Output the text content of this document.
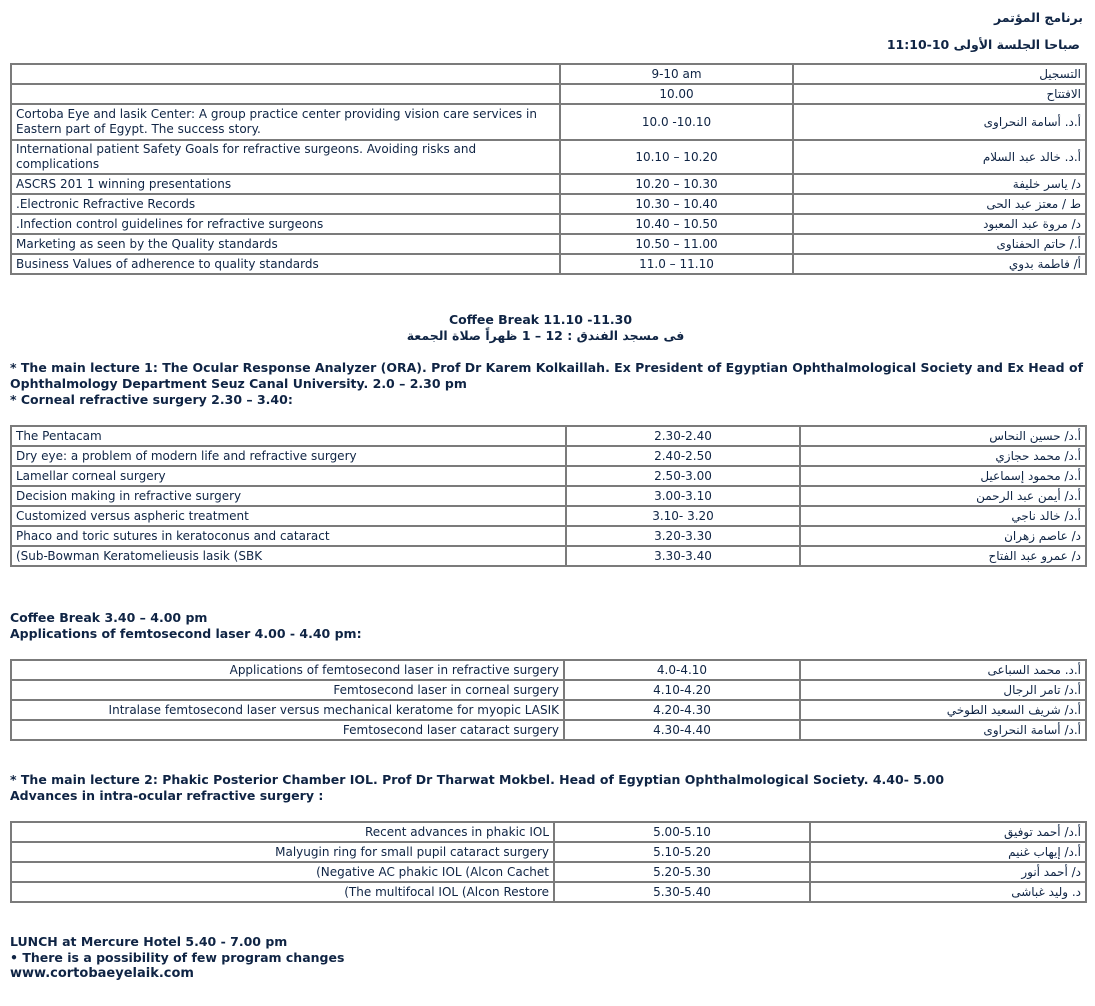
برنامج المؤتمر
صباحا الجلسة الأولى 10-11:10
	9-10 am	التسجيل
	10.00	الافتتاح
Cortoba Eye and lasik Center: A group practice center providing vision care services in Eastern part of Egypt. The success story.	10.0 -10.10	أ.د. أسامة النحراوى
International patient Safety Goals for refractive surgeons. Avoiding risks and complications	10.10 – 10.20	أ.د. خالد عبد السلام
ASCRS 201 1 winning presentations	10.20 – 10.30	د/ ياسر خليفة
.Electronic Refractive Records	10.30 – 10.40	ط / معتز عبد الحى
.Infection control guidelines for refractive surgeons	10.40 – 10.50	د/ مروة عبد المعبود
Marketing as seen by the Quality standards	10.50 – 11.00	أ./ حاتم الحفناوى
Business Values of adherence to quality standards	11.0 – 11.10	أ/ فاطمة بدوي
Coffee Break 11.10 -11.30
فى مسجد الفندق : 12 – 1 ظهراً صلاة الجمعة
* The main lecture 1: The Ocular Response Analyzer (ORA). Prof Dr Karem Kolkaillah. Ex President of Egyptian Ophthalmological Society and Ex Head of
Ophthalmology Department Seuz Canal University. 2.0 – 2.30 pm
* Corneal refractive surgery 2.30 – 3.40:
The Pentacam	2.30-2.40	أ.د/ حسين النحاس
Dry eye: a problem of modern life and refractive surgery	2.40-2.50	أ.د/ محمد حجازي
Lamellar corneal surgery	2.50-3.00	أ.د/ محمود إسماعيل
Decision making in refractive surgery	3.00-3.10	أ.د/ أيمن عبد الرحمن
Customized versus aspheric treatment	3.10- 3.20	أ.د/ خالد ناجي
Phaco and toric sutures in keratoconus and cataract	3.20-3.30	د/ عاصم زهران
(Sub-Bowman Keratomelieusis lasik (SBK	3.30-3.40	د/ عمرو عبد الفتاح
Coffee Break 3.40 – 4.00 pm
Applications of femtosecond laser 4.00 - 4.40 pm:
Applications of femtosecond laser in refractive surgery	4.0-4.10	أ.د. محمد السباعى
Femtosecond laser in corneal surgery	4.10-4.20	أ.د/ تامر الرجال
Intralase femtosecond laser versus mechanical keratome for myopic LASIK	4.20-4.30	أ.د/ شريف السعيد الطوخي
Femtosecond laser cataract surgery	4.30-4.40	أ.د/ أسامة النحراوى
* The main lecture 2: Phakic Posterior Chamber IOL. Prof Dr Tharwat Mokbel. Head of Egyptian Ophthalmological Society. 4.40- 5.00
Advances in intra-ocular refractive surgery :
Recent advances in phakic IOL	5.00-5.10	أ.د/ أحمد توفيق
Malyugin ring for small pupil cataract surgery	5.10-5.20	أ.د/ إيهاب غنيم
(Negative AC phakic IOL (Alcon Cachet	5.20-5.30	د/ أحمد أنور
(The multifocal IOL (Alcon Restore	5.30-5.40	د. وليد غباشى
LUNCH at Mercure Hotel 5.40 - 7.00 pm
• There is a possibility of few program changes
www.cortobaeyelaik.com
